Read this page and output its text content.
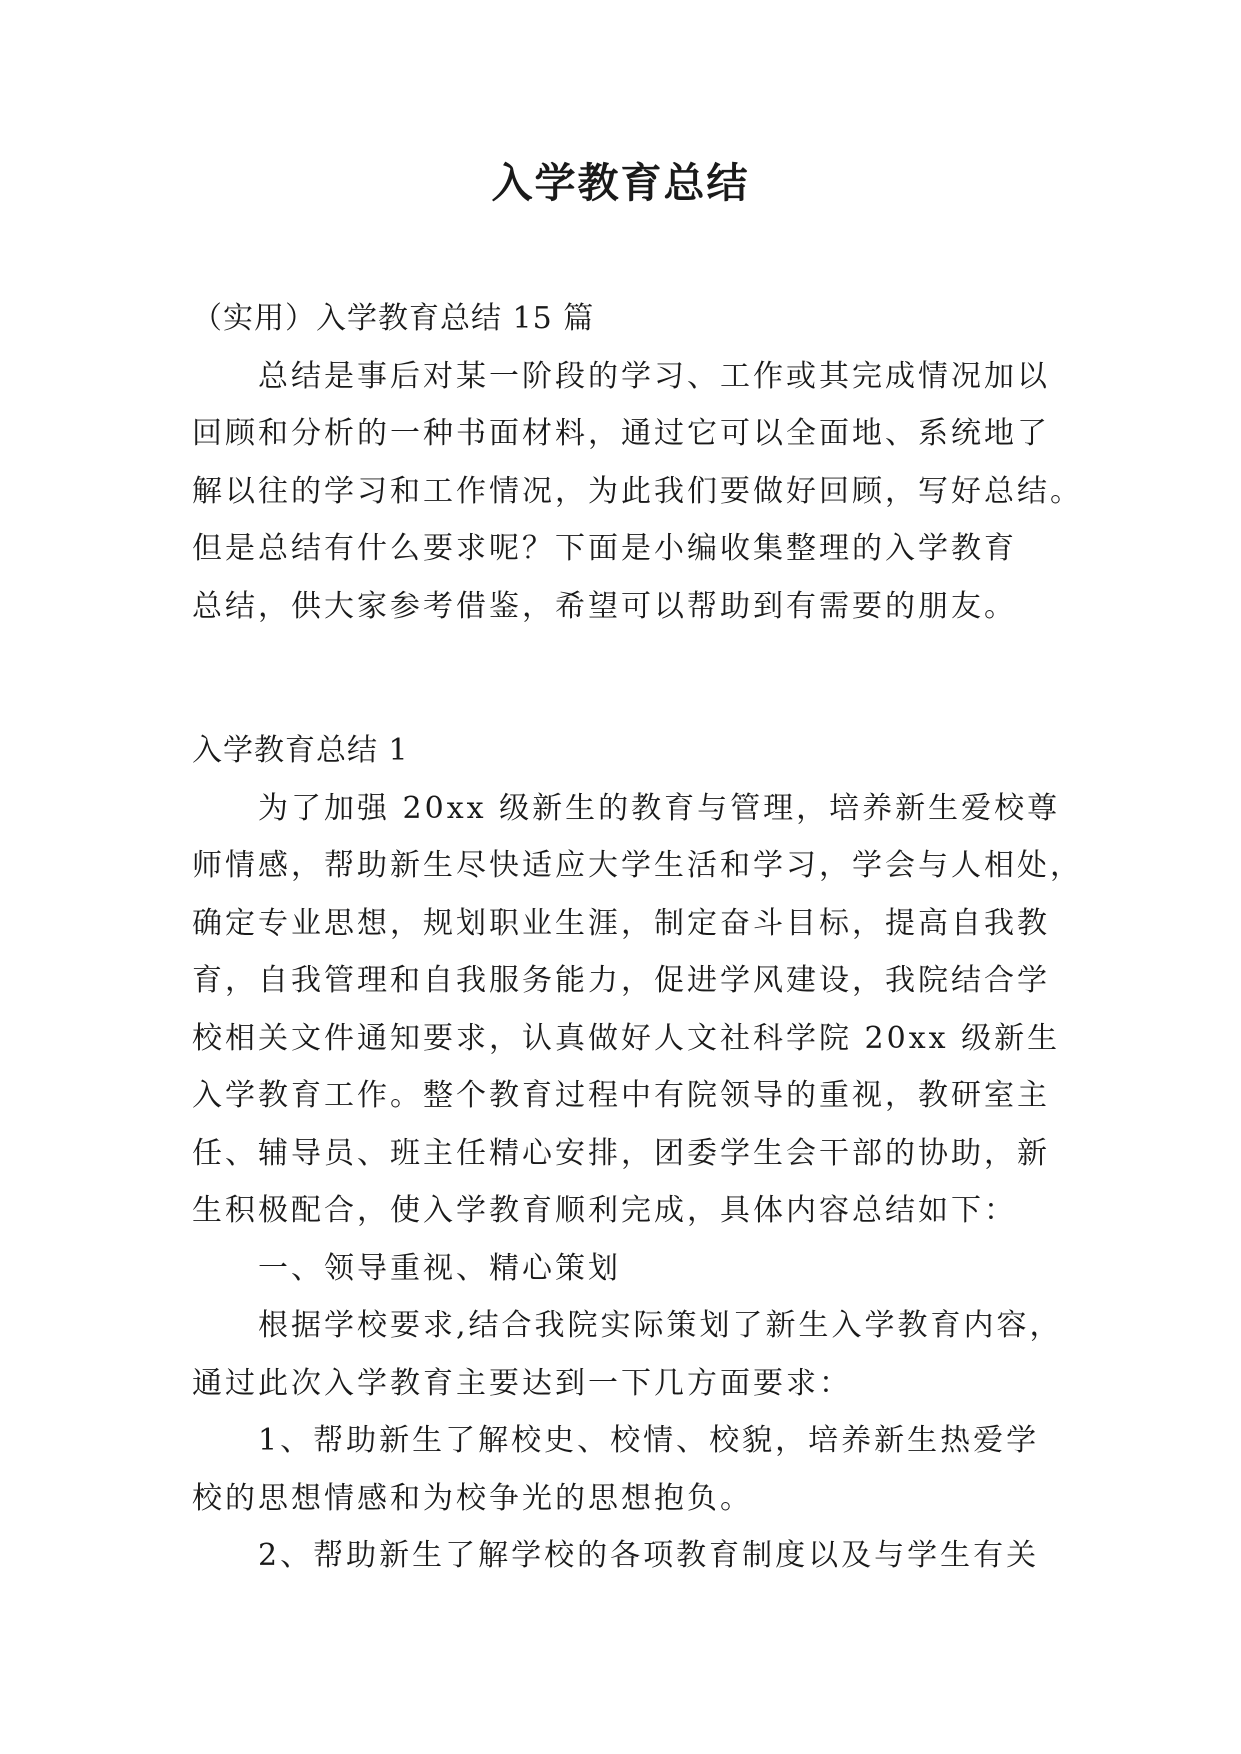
入学教育总结

（实用）入学教育总结 15 篇

总结是事后对某一阶段的学习、工作或其完成情况加以

回顾和分析的一种书面材料，通过它可以全面地、系统地了

解以往的学习和工作情况，为此我们要做好回顾，写好总结。

但是总结有什么要求呢？下面是小编收集整理的入学教育

总结，供大家参考借鉴，希望可以帮助到有需要的朋友。

入学教育总结 1

为了加强 20xx 级新生的教育与管理，培养新生爱校尊

师情感，帮助新生尽快适应大学生活和学习，学会与人相处，

确定专业思想，规划职业生涯，制定奋斗目标，提高自我教

育，自我管理和自我服务能力，促进学风建设，我院结合学

校相关文件通知要求，认真做好人文社科学院 20xx 级新生

入学教育工作。整个教育过程中有院领导的重视，教研室主

任、辅导员、班主任精心安排，团委学生会干部的协助，新

生积极配合，使入学教育顺利完成，具体内容总结如下：

一、领导重视、精心策划

根据学校要求,结合我院实际策划了新生入学教育内容，

通过此次入学教育主要达到一下几方面要求：

1、帮助新生了解校史、校情、校貌，培养新生热爱学

校的思想情感和为校争光的思想抱负。

2、帮助新生了解学校的各项教育制度以及与学生有关
